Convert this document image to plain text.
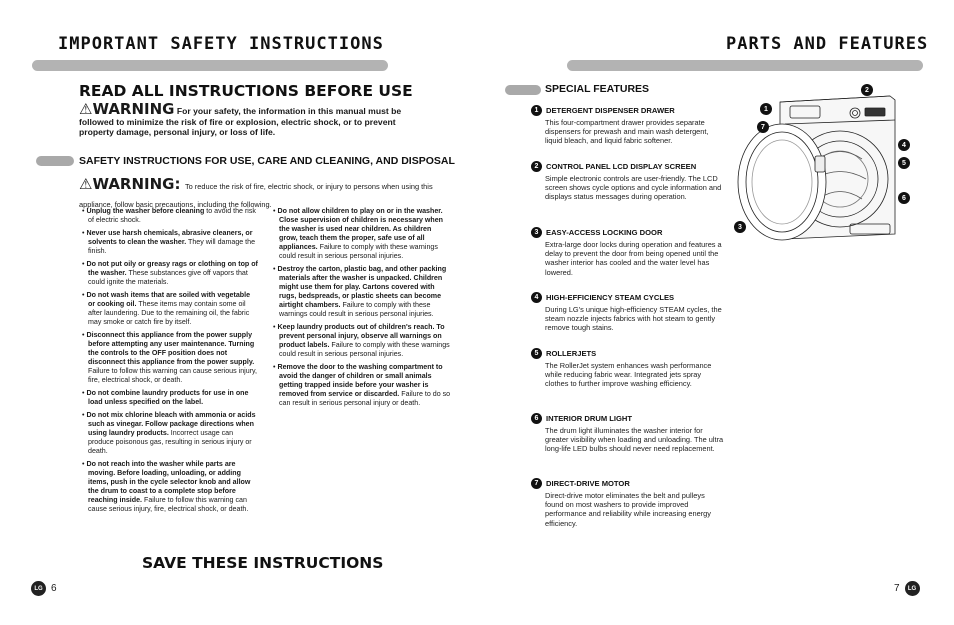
IMPORTANT SAFETY INSTRUCTIONS
READ ALL INSTRUCTIONS BEFORE USE
⚠WARNING For your safety, the information in this manual must be followed to minimize the risk of fire or explosion, electric shock, or to prevent property damage, personal injury, or loss of life.
SAFETY INSTRUCTIONS FOR USE, CARE AND CLEANING, AND DISPOSAL
⚠WARNING: To reduce the risk of fire, electric shock, or injury to persons when using this appliance, follow basic precautions, including the following.
• Unplug the washer before cleaning to avoid the risk of electric shock.
• Never use harsh chemicals, abrasive cleaners, or solvents to clean the washer. They will damage the finish.
• Do not put oily or greasy rags or clothing on top of the washer. These substances give off vapors that could ignite the materials.
• Do not wash items that are soiled with vegetable or cooking oil. These items may contain some oil after laundering. Due to the remaining oil, the fabric may smoke or catch fire by itself.
• Disconnect this appliance from the power supply before attempting any user maintenance. Turning the controls to the OFF position does not disconnect this appliance from the power supply. Failure to follow this warning can cause serious injury, fire, electrical shock, or death.
• Do not combine laundry products for use in one load unless specified on the label.
• Do not mix chlorine bleach with ammonia or acids such as vinegar. Follow package directions when using laundry products. Incorrect usage can produce poisonous gas, resulting in serious injury or death.
• Do not reach into the washer while parts are moving. Before loading, unloading, or adding items, push in the cycle selector knob and allow the drum to coast to a complete stop before reaching inside. Failure to follow this warning can cause serious injury, fire, electrical shock, or death.
• Do not allow children to play on or in the washer. Close supervision of children is necessary when the washer is used near children. As children grow, teach them the proper, safe use of all appliances. Failure to comply with these warnings could result in serious personal injuries.
• Destroy the carton, plastic bag, and other packing materials after the washer is unpacked. Children might use them for play. Cartons covered with rugs, bedspreads, or plastic sheets can become airtight chambers. Failure to comply with these warnings could result in serious personal injuries.
• Keep laundry products out of children's reach. To prevent personal injury, observe all warnings on product labels. Failure to comply with these warnings could result in serious personal injuries.
• Remove the door to the washing compartment to avoid the danger of children or small animals getting trapped inside before your washer is removed from service or discarded. Failure to do so can result in serious personal injury or death.
SAVE THESE INSTRUCTIONS
LG 6
PARTS AND FEATURES
SPECIAL FEATURES
1 DETERGENT DISPENSER DRAWER
This four-compartment drawer provides separate dispensers for prewash and main wash detergent, liquid bleach, and liquid fabric softener.
2 CONTROL PANEL LCD DISPLAY SCREEN
Simple electronic controls are user-friendly. The LCD screen shows cycle options and cycle information and displays status messages during operation.
3 EASY-ACCESS LOCKING DOOR
Extra-large door locks during operation and features a delay to prevent the door from being opened until the washer interior has cooled and the water level has lowered.
4 HIGH-EFFICIENCY STEAM CYCLES
During LG's unique high-efficiency STEAM cycles, the steam nozzle injects fabrics with hot steam to gently remove tough stains.
5 ROLLERJETS
The RollerJet system enhances wash performance while reducing fabric wear. Integrated jets spray clothes to further improve washing efficiency.
6 INTERIOR DRUM LIGHT
The drum light illuminates the washer interior for greater visibility when loading and unloading. The ultra long-life LED bulbs should never need replacement.
7 DIRECT-DRIVE MOTOR
Direct-drive motor eliminates the belt and pulleys found on most washers to provide improved performance and reliability while increasing energy efficiency.
1
7
2
4
5
6
3
7 LG
